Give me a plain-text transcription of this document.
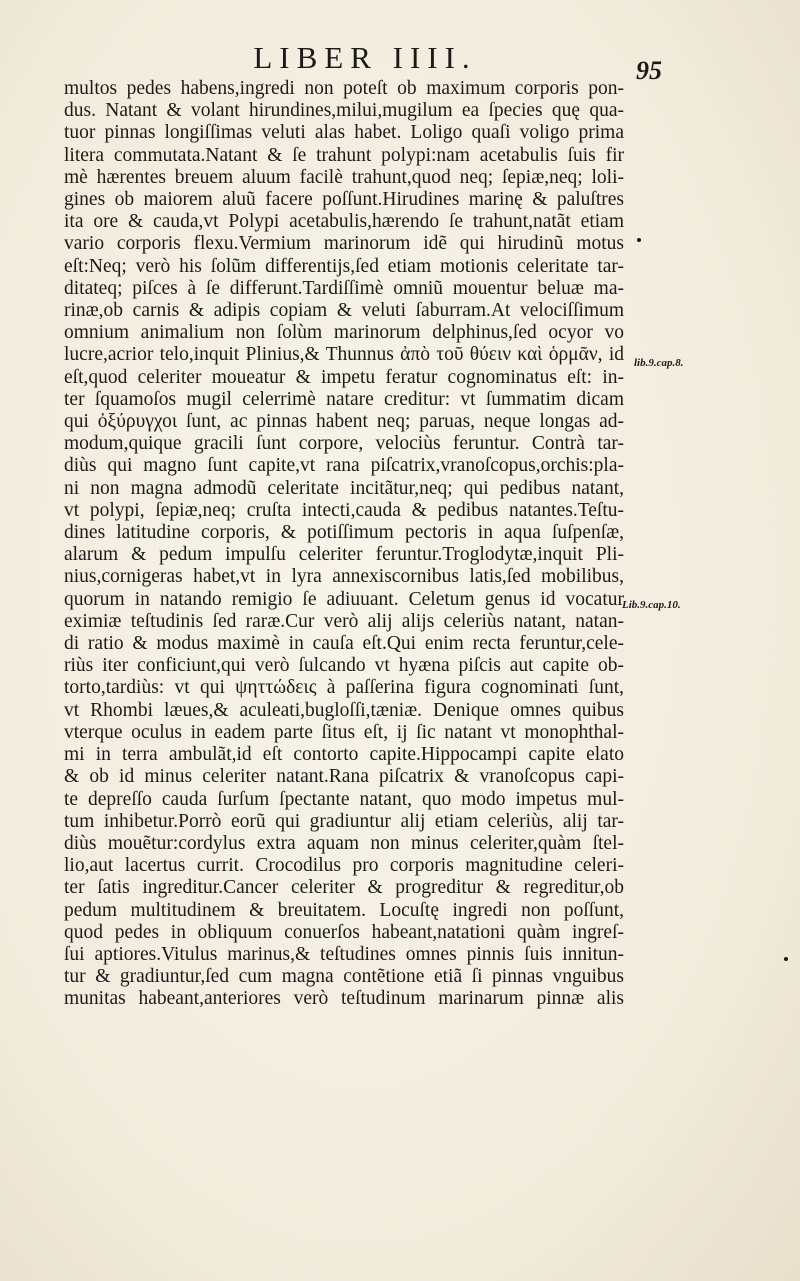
LIBER IIII.	95
multos pedes habens,ingredi non poteſt ob maximum corporis pon-
dus. Natant & volant hirundines,milui,mugilum ea ſpecies quę qua-
tuor pinnas longiſſimas veluti alas habet. Loligo quaſi voligo prima
litera commutata.Natant & ſe trahunt polypi:nam acetabulis ſuis fir
mè hærentes breuem aluum facilè trahunt,quod neq; ſepiæ,neq; loli-
gines ob maiorem aluũ facere poſſunt.Hirudines marinę & paluſtres
ita ore & cauda,vt Polypi acetabulis,hærendo ſe trahunt,natãt etiam
vario corporis flexu.Vermium marinorum idẽ qui hirudinũ motus
eſt:Neq; verò his ſolũm differentijs,ſed etiam motionis celeritate tar-
ditateq; piſces à ſe differunt.Tardiſſimè omniũ mouentur beluæ ma-
rinæ,ob carnis & adipis copiam & veluti ſaburram.At velociſſimum
omnium animalium non ſolùm marinorum delphinus,ſed ocyor vo
lucre,acrior telo,inquit Plinius,& Thunnus ἀπὸ τοῦ θύειν καὶ ὁρμᾶν, id
eſt,quod celeriter moueatur & impetu feratur cognominatus eſt: in-
ter ſquamoſos mugil celerrimè natare creditur: vt ſummatim dicam
qui ὀξύρυγχοι ſunt, ac pinnas habent neq; paruas, neque longas ad-
modum,quique gracili ſunt corpore, velociùs feruntur. Contrà tar-
diùs qui magno ſunt capite,vt rana piſcatrix,vranoſcopus,orchis:pla-
ni non magna admodũ celeritate incitãtur,neq; qui pedibus natant,
vt polypi, ſepiæ,neq; cruſta intecti,cauda & pedibus natantes.Teſtu-
dines latitudine corporis, & potiſſimum pectoris in aqua ſuſpenſæ,
alarum & pedum impulſu celeriter feruntur.Troglodytæ,inquit Pli-
nius,cornigeras habet,vt in lyra annexiscornibus latis,ſed mobilibus,
quorum in natando remigio ſe adiuuant. Celetum genus id vocatur
eximiæ teſtudinis ſed raræ.Cur verò alij alijs celeriùs natant, natan-
di ratio & modus maximè in cauſa eſt.Qui enim recta feruntur,cele-
riùs iter conficiunt,qui verò ſulcando vt hyæna piſcis aut capite ob-
torto,tardiùs: vt qui ψηττώδεις à paſſerina figura cognominati ſunt,
vt Rhombi læues,& aculeati,bugloſſi,tæniæ. Denique omnes quibus
vterque oculus in eadem parte ſitus eſt, ij ſic natant vt monophthal-
mi in terra ambulãt,id eſt contorto capite.Hippocampi capite elato
& ob id minus celeriter natant.Rana piſcatrix & vranoſcopus capi-
te depreſſo cauda ſurſum ſpectante natant, quo modo impetus mul-
tum inhibetur.Porrò eorũ qui gradiuntur alij etiam celeriùs, alij tar-
diùs mouẽtur:cordylus extra aquam non minus celeriter,quàm ſtel-
lio,aut lacertus currit. Crocodilus pro corporis magnitudine celeri-
ter ſatis ingreditur.Cancer celeriter & progreditur & regreditur,ob
pedum multitudinem & breuitatem. Locuſtę ingredi non poſſunt,
quod pedes in obliquum conuerſos habeant,natationi quàm ingreſ-
ſui aptiores.Vitulus marinus,& teſtudines omnes pinnis ſuis innitun-
tur & gradiuntur,ſed cum magna contẽtione etiã ſi pinnas vnguibus
munitas habeant,anteriores verò teſtudinum marinarum pinnæ alis
lib.9.cap.8.
Lib.9.cap.10.
